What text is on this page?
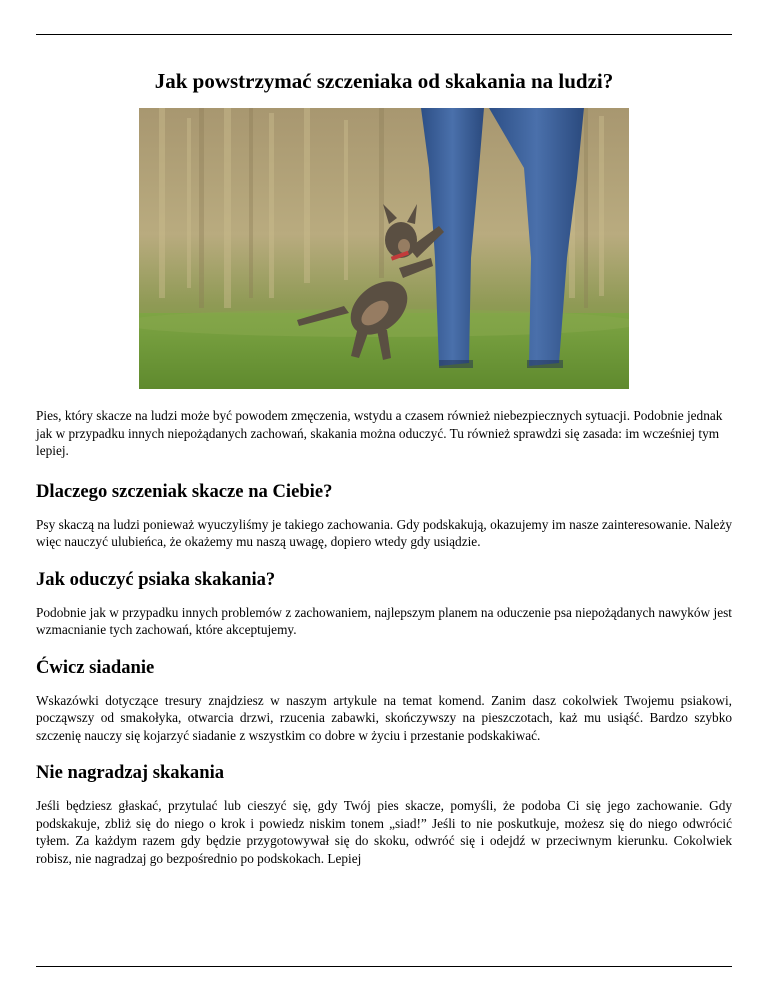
Jak powstrzymać szczeniaka od skakania na ludzi?

Pies, który skacze na ludzi może być powodem zmęczenia, wstydu a czasem również niebezpiecznych sytuacji. Podobnie jednak jak w przypadku innych niepożądanych zachowań, skakania można oduczyć. Tu również sprawdzi się zasada: im wcześniej tym lepiej.

Dlaczego szczeniak skacze na Ciebie?

Psy skaczą na ludzi ponieważ wyuczyliśmy je takiego zachowania. Gdy podskakują, okazujemy im nasze zainteresowanie. Należy więc nauczyć ulubieńca, że okażemy mu naszą uwagę, dopiero wtedy gdy usiądzie.

Jak oduczyć psiaka skakania?

Podobnie jak w przypadku innych problemów z zachowaniem, najlepszym planem na oduczenie psa niepożądanych nawyków jest wzmacnianie tych zachowań, które akceptujemy.

Ćwicz siadanie

Wskazówki dotyczące tresury znajdziesz w naszym artykule na temat komend. Zanim dasz cokolwiek Twojemu psiakowi, począwszy od smakołyka, otwarcia drzwi, rzucenia zabawki, skończywszy na pieszczotach, każ mu usiąść. Bardzo szybko szczenię nauczy się kojarzyć siadanie z wszystkim co dobre w życiu i przestanie podskakiwać.

Nie nagradzaj skakania

Jeśli będziesz głaskać, przytulać lub cieszyć się, gdy Twój pies skacze, pomyśli, że podoba Ci się jego zachowanie. Gdy podskakuje, zbliż się do niego o krok i powiedz niskim tonem „siad!” Jeśli to nie poskutkuje, możesz się do niego odwrócić tyłem. Za każdym razem gdy będzie przygotowywał się do skoku, odwróć się i odejdź w przeciwnym kierunku. Cokolwiek robisz, nie nagradzaj go bezpośrednio po podskokach. Lepiej
